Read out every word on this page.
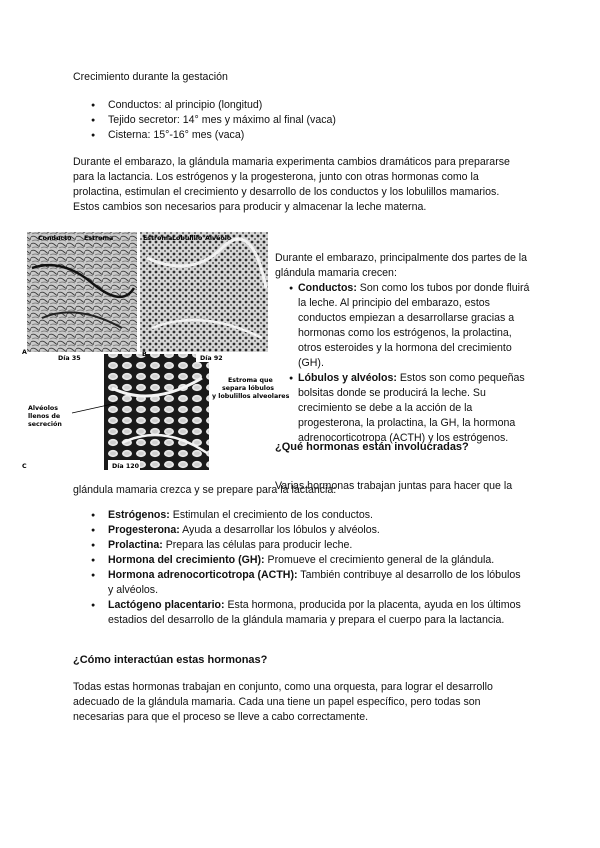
Crecimiento durante la gestación

● Conductos: al principio (longitud)
● Tejido secretor: 14° mes y máximo al final (vaca)
● Cisterna: 15°-16° mes (vaca)

Durante el embarazo, la glándula mamaria experimenta cambios dramáticos para prepararse para la lactancia. Los estrógenos y la progesterona, junto con otras hormonas como la prolactina, estimulan el crecimiento y desarrollo de los conductos y los lobulillos mamarios. Estos cambios son necesarios para producir y almacenar la leche materna.

Conducto Estroma	Estroma Lobulillo Alvéolo
Día 35	Día 92
Día 120
A	B
C
Alvéolos
llenos de
secreción
Estroma que
separa lóbulos
y lobulillos alveolares

Durante el embarazo, principalmente dos partes de la glándula mamaria crecen:

● Conductos: Son como los tubos por donde fluirá la leche. Al principio del embarazo, estos conductos empiezan a desarrollarse gracias a hormonas como los estrógenos, la prolactina, otros esteroides y la hormona del crecimiento (GH).
● Lóbulos y alvéolos: Estos son como pequeñas bolsitas donde se producirá la leche. Su crecimiento se debe a la acción de la progesterona, la prolactina, la GH, la hormona adrenocorticotropa (ACTH) y los estrógenos.
¿Qué hormonas están involucradas?

Varias hormonas trabajan juntas para hacer que la

glándula mamaria crezca y se prepare para la lactancia:

● Estrógenos: Estimulan el crecimiento de los conductos.
● Progesterona: Ayuda a desarrollar los lóbulos y alvéolos.
● Prolactina: Prepara las células para producir leche.
● Hormona del crecimiento (GH): Promueve el crecimiento general de la glándula.
● Hormona adrenocorticotropa (ACTH): También contribuye al desarrollo de los lóbulos y alvéolos.
● Lactógeno placentario: Esta hormona, producida por la placenta, ayuda en los últimos estadios del desarrollo de la glándula mamaria y prepara el cuerpo para la lactancia.
¿Cómo interactúan estas hormonas?

Todas estas hormonas trabajan en conjunto, como una orquesta, para lograr el desarrollo adecuado de la glándula mamaria. Cada una tiene un papel específico, pero todas son necesarias para que el proceso se lleve a cabo correctamente.
